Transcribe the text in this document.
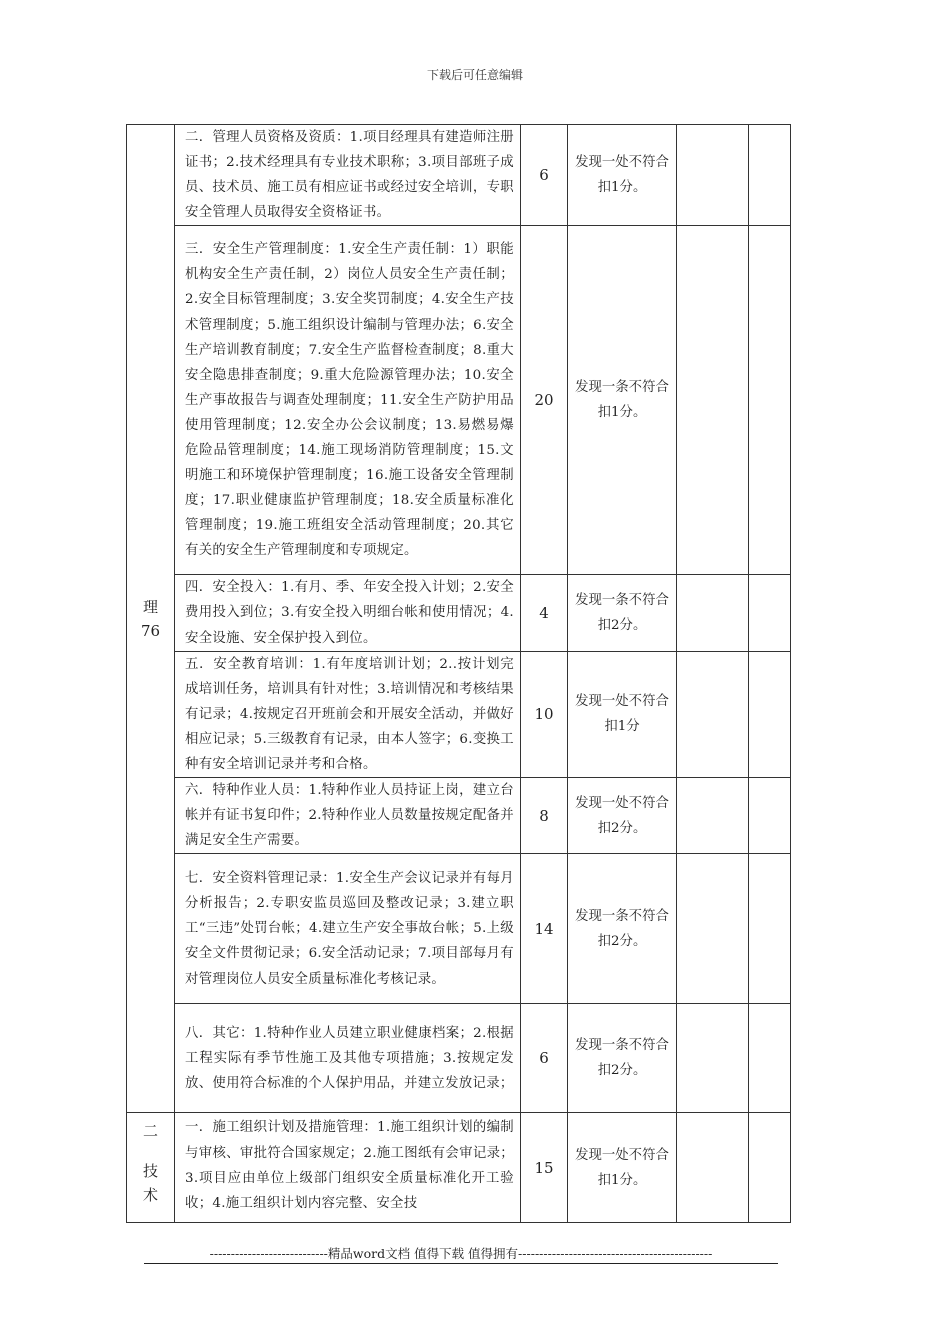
下载后可任意编辑
理
76	二．管理人员资格及资质：1.项目经理具有建造师注册证书；2.技术经理具有专业技术职称；3.项目部班子成员、技术员、施工员有相应证书或经过安全培训，专职安全管理人员取得安全资格证书。	6	发现一处不符合扣1分。		
	三．安全生产管理制度：1.安全生产责任制：1）职能机构安全生产责任制，2）岗位人员安全生产责任制；2.安全目标管理制度；3.安全奖罚制度；4.安全生产技术管理制度；5.施工组织设计编制与管理办法；6.安全生产培训教育制度；7.安全生产监督检查制度；8.重大安全隐患排查制度；9.重大危险源管理办法；10.安全生产事故报告与调查处理制度；11.安全生产防护用品使用管理制度；12.安全办公会议制度；13.易燃易爆危险品管理制度；14.施工现场消防管理制度；15.文明施工和环境保护管理制度；16.施工设备安全管理制度；17.职业健康监护管理制度；18.安全质量标准化管理制度；19.施工班组安全活动管理制度；20.其它有关的安全生产管理制度和专项规定。	20	发现一条不符合扣1分。		
	四．安全投入：1.有月、季、年安全投入计划；2.安全费用投入到位；3.有安全投入明细台帐和使用情况；4.安全设施、安全保护投入到位。	4	发现一条不符合扣2分。		
	五．安全教育培训：1.有年度培训计划；2..按计划完成培训任务，培训具有针对性；3.培训情况和考核结果有记录；4.按规定召开班前会和开展安全活动，并做好相应记录；5.三级教育有记录，由本人签字；6.变换工种有安全培训记录并考和合格。	10	发现一处不符合扣1分		
	六．特种作业人员：1.特种作业人员持证上岗，建立台帐并有证书复印件；2.特种作业人员数量按规定配备并满足安全生产需要。	8	发现一处不符合扣2分。		
	七．安全资料管理记录：1.安全生产会议记录并有每月分析报告；2.专职安监员巡回及整改记录；3.建立职工“三违”处罚台帐；4.建立生产安全事故台帐；5.上级安全文件贯彻记录；6.安全活动记录；7.项目部每月有对管理岗位人员安全质量标准化考核记录。	14	发现一条不符合扣2分。		
	八．其它：1.特种作业人员建立职业健康档案；2.根据工程实际有季节性施工及其他专项措施；3.按规定发放、使用符合标准的个人保护用品，并建立发放记录；	6	发现一条不符合扣2分。		

二
技
术	一．施工组织计划及措施管理：1.施工组织计划的编制与审核、审批符合国家规定；2.施工图纸有会审记录；3.项目应由单位上级部门组织安全质量标准化开工验收；4.施工组织计划内容完整、安全技	15	发现一处不符合扣1分。		
----------------------------精品word文档 值得下载 值得拥有----------------------------------------------
